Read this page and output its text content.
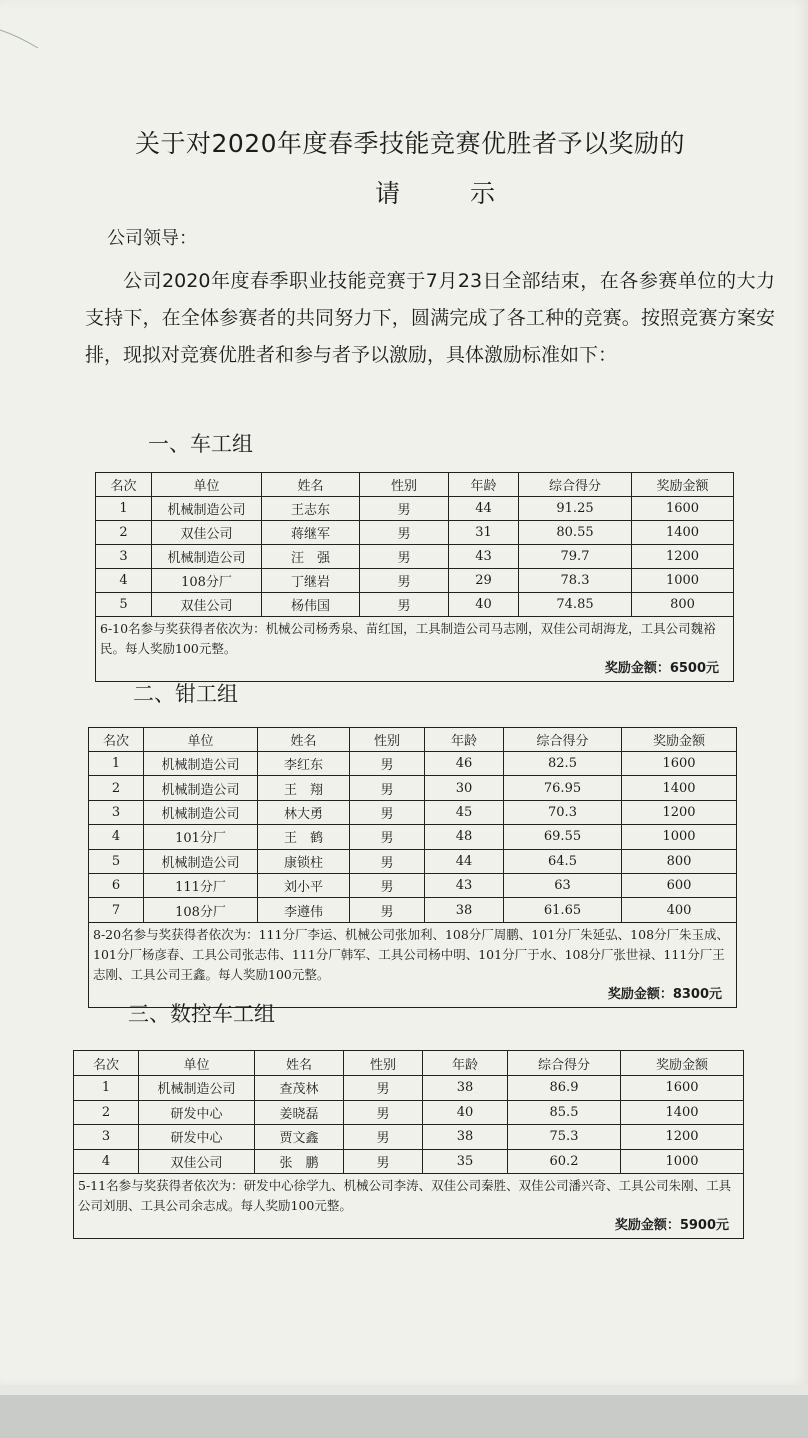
关于对2020年度春季技能竞赛优胜者予以奖励的
请示
公司领导：
公司2020年度春季职业技能竞赛于7月23日全部结束，在各参赛单位的大力支持下，在全体参赛者的共同努力下，圆满完成了各工种的竞赛。按照竞赛方案安排，现拟对竞赛优胜者和参与者予以激励，具体激励标准如下：
一、车工组
名次	单位	姓名	性别	年龄	综合得分	奖励金额
1	机械制造公司	王志东	男	44	91.25	1600
2	双佳公司	蒋继军	男	31	80.55	1400
3	机械制造公司	汪　强	男	43	79.7	1200
4	108分厂	丁继岩	男	29	78.3	1000
5	双佳公司	杨伟国	男	40	74.85	800
6-10名参与奖获得者依次为：机械公司杨秀泉、苗红国，工具制造公司马志刚，双佳公司胡海龙，工具公司魏裕民。每人奖励100元整。
奖励金额：6500元						
二、钳工组
名次	单位	姓名	性别	年龄	综合得分	奖励金额
1	机械制造公司	李红东	男	46	82.5	1600
2	机械制造公司	王　翔	男	30	76.95	1400
3	机械制造公司	林大勇	男	45	70.3	1200
4	101分厂	王　鹤	男	48	69.55	1000
5	机械制造公司	康锁柱	男	44	64.5	800
6	111分厂	刘小平	男	43	63	600
7	108分厂	李遵伟	男	38	61.65	400
8-20名参与奖获得者依次为：111分厂李运、机械公司张加利、108分厂周鹏、101分厂朱延弘、108分厂朱玉成、101分厂杨彦春、工具公司张志伟、111分厂韩军、工具公司杨中明、101分厂于水、108分厂张世禄、111分厂王志刚、工具公司王鑫。每人奖励100元整。
奖励金额：8300元						
三、数控车工组
名次	单位	姓名	性别	年龄	综合得分	奖励金额
1	机械制造公司	查茂林	男	38	86.9	1600
2	研发中心	姜晓磊	男	40	85.5	1400
3	研发中心	贾文鑫	男	38	75.3	1200
4	双佳公司	张　鹏	男	35	60.2	1000
5-11名参与奖获得者依次为：研发中心徐学九、机械公司李涛、双佳公司秦胜、双佳公司潘兴奇、工具公司朱刚、工具公司刘朋、工具公司余志成。每人奖励100元整。
奖励金额：5900元						
